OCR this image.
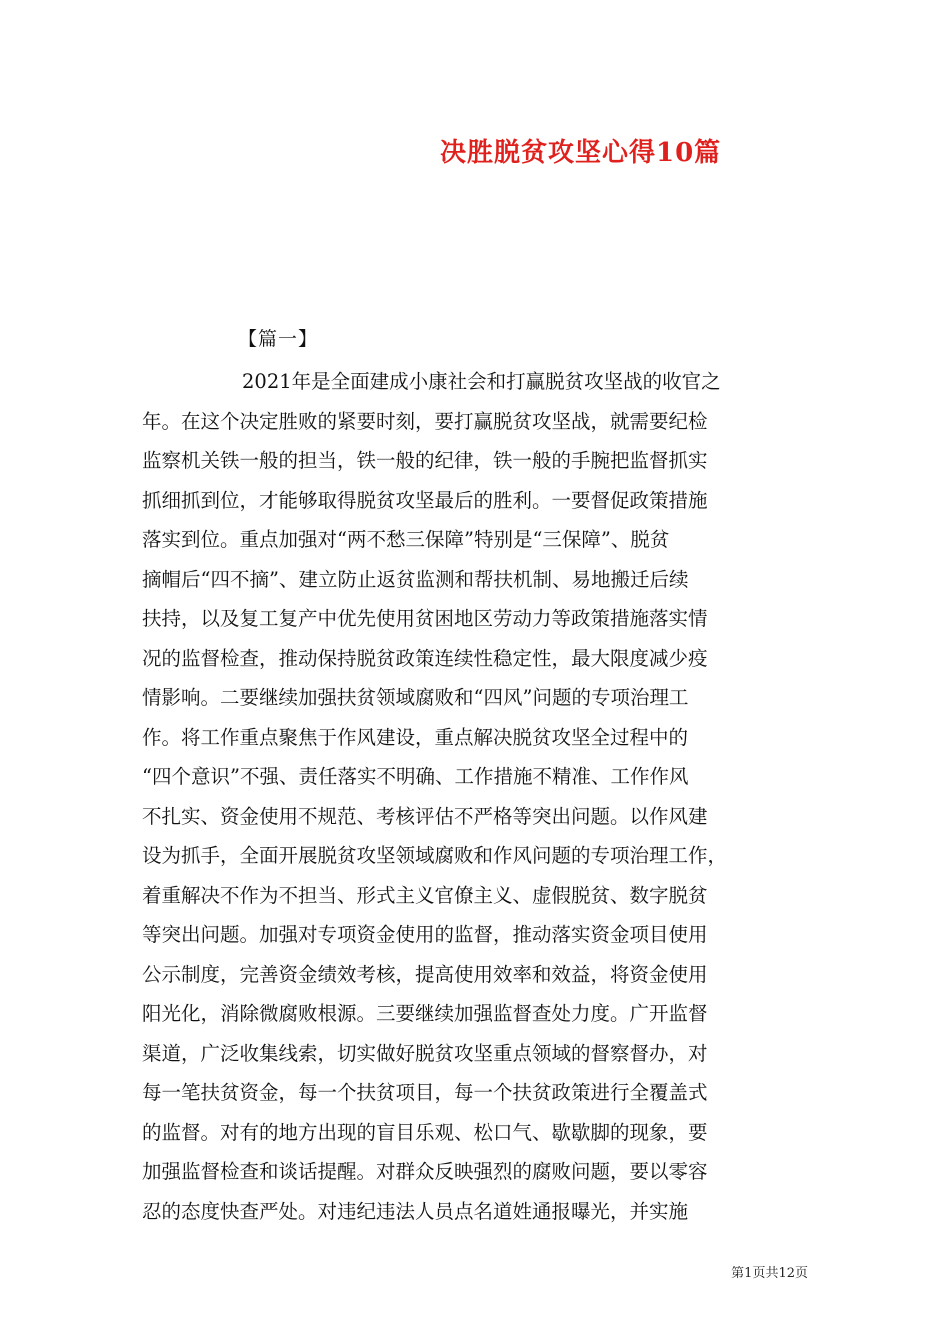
决胜脱贫攻坚心得10篇
【篇一】
2021年是全面建成小康社会和打赢脱贫攻坚战的收官之
年。在这个决定胜败的紧要时刻，要打赢脱贫攻坚战，就需要纪检
监察机关铁一般的担当，铁一般的纪律，铁一般的手腕把监督抓实
抓细抓到位，才能够取得脱贫攻坚最后的胜利。一要督促政策措施
落实到位。重点加强对“两不愁三保障”特别是“三保障”、脱贫
摘帽后“四不摘”、建立防止返贫监测和帮扶机制、易地搬迁后续
扶持，以及复工复产中优先使用贫困地区劳动力等政策措施落实情
况的监督检查，推动保持脱贫政策连续性稳定性，最大限度减少疫
情影响。二要继续加强扶贫领域腐败和“四风”问题的专项治理工
作。将工作重点聚焦于作风建设，重点解决脱贫攻坚全过程中的
“四个意识”不强、责任落实不明确、工作措施不精准、工作作风
不扎实、资金使用不规范、考核评估不严格等突出问题。以作风建
设为抓手，全面开展脱贫攻坚领域腐败和作风问题的专项治理工作，
着重解决不作为不担当、形式主义官僚主义、虚假脱贫、数字脱贫
等突出问题。加强对专项资金使用的监督，推动落实资金项目使用
公示制度，完善资金绩效考核，提高使用效率和效益，将资金使用
阳光化，消除微腐败根源。三要继续加强监督查处力度。广开监督
渠道，广泛收集线索，切实做好脱贫攻坚重点领域的督察督办，对
每一笔扶贫资金，每一个扶贫项目，每一个扶贫政策进行全覆盖式
的监督。对有的地方出现的盲目乐观、松口气、歇歇脚的现象，要
加强监督检查和谈话提醒。对群众反映强烈的腐败问题，要以零容
忍的态度快查严处。对违纪违法人员点名道姓通报曝光，并实施
第1页共12页
